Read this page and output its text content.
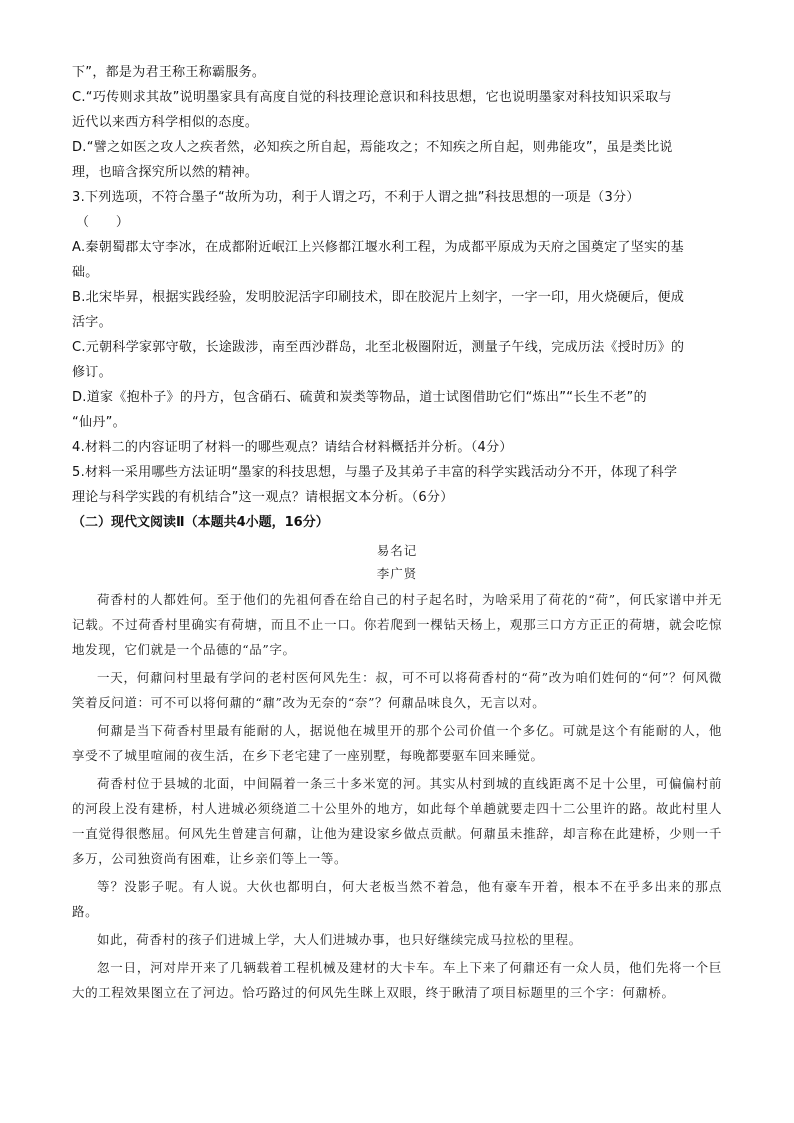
下”，都是为君王称王称霸服务。

C.“巧传则求其故”说明墨家具有高度自觉的科技理论意识和科技思想，它也说明墨家对科技知识采取与

近代以来西方科学相似的态度。

D.“譬之如医之攻人之疾者然，必知疾之所自起，焉能攻之；不知疾之所自起，则弗能攻”，虽是类比说

理，也暗含探究所以然的精神。

3.下列选项，不符合墨子“故所为功，利于人谓之巧，不利于人谓之拙”科技思想的一项是（3分）

（　　）

A.秦朝蜀郡太守李冰，在成都附近岷江上兴修都江堰水利工程，为成都平原成为天府之国奠定了坚实的基

础。

B.北宋毕昇，根据实践经验，发明胶泥活字印刷技术，即在胶泥片上刻字，一字一印，用火烧硬后，便成

活字。

C.元朝科学家郭守敬，长途跋涉，南至西沙群岛，北至北极圈附近，测量子午线，完成历法《授时历》的

修订。

D.道家《抱朴子》的丹方，包含硝石、硫黄和炭类等物品，道士试图借助它们“炼出”“长生不老”的

“仙丹”。

4.材料二的内容证明了材料一的哪些观点？请结合材料概括并分析。（4分）

5.材料一采用哪些方法证明“墨家的科技思想，与墨子及其弟子丰富的科学实践活动分不开，体现了科学

理论与科学实践的有机结合”这一观点？请根据文本分析。（6分）

（二）现代文阅读Ⅱ（本题共4小题，16分）

易名记

李广贤

荷香村的人都姓何。至于他们的先祖何香在给自己的村子起名时，为啥采用了荷花的“荷”，何氏家谱中并无记载。不过荷香村里确实有荷塘，而且不止一口。你若爬到一棵钻天杨上，观那三口方方正正的荷塘，就会吃惊地发现，它们就是一个品德的“品”字。

一天，何鼐问村里最有学问的老村医何风先生：叔，可不可以将荷香村的“荷”改为咱们姓何的“何”？何风微笑着反问道：可不可以将何鼐的“鼐”改为无奈的“奈”？何鼐品味良久，无言以对。

何鼐是当下荷香村里最有能耐的人，据说他在城里开的那个公司价值一个多亿。可就是这个有能耐的人，他享受不了城里喧闹的夜生活，在乡下老宅建了一座别墅，每晚都要驱车回来睡觉。

荷香村位于县城的北面，中间隔着一条三十多米宽的河。其实从村到城的直线距离不足十公里，可偏偏村前的河段上没有建桥，村人进城必须绕道二十公里外的地方，如此每个单趟就要走四十二公里许的路。故此村里人一直觉得很憋屈。何风先生曾建言何鼐，让他为建设家乡做点贡献。何鼐虽未推辞，却言称在此建桥，少则一千多万，公司独资尚有困难，让乡亲们等上一等。

等？没影子呢。有人说。大伙也都明白，何大老板当然不着急，他有豪车开着，根本不在乎多出来的那点路。

如此，荷香村的孩子们进城上学，大人们进城办事，也只好继续完成马拉松的里程。

忽一日，河对岸开来了几辆载着工程机械及建材的大卡车。车上下来了何鼐还有一众人员，他们先将一个巨大的工程效果图立在了河边。恰巧路过的何风先生眯上双眼，终于瞅清了项目标题里的三个字：何鼐桥。
